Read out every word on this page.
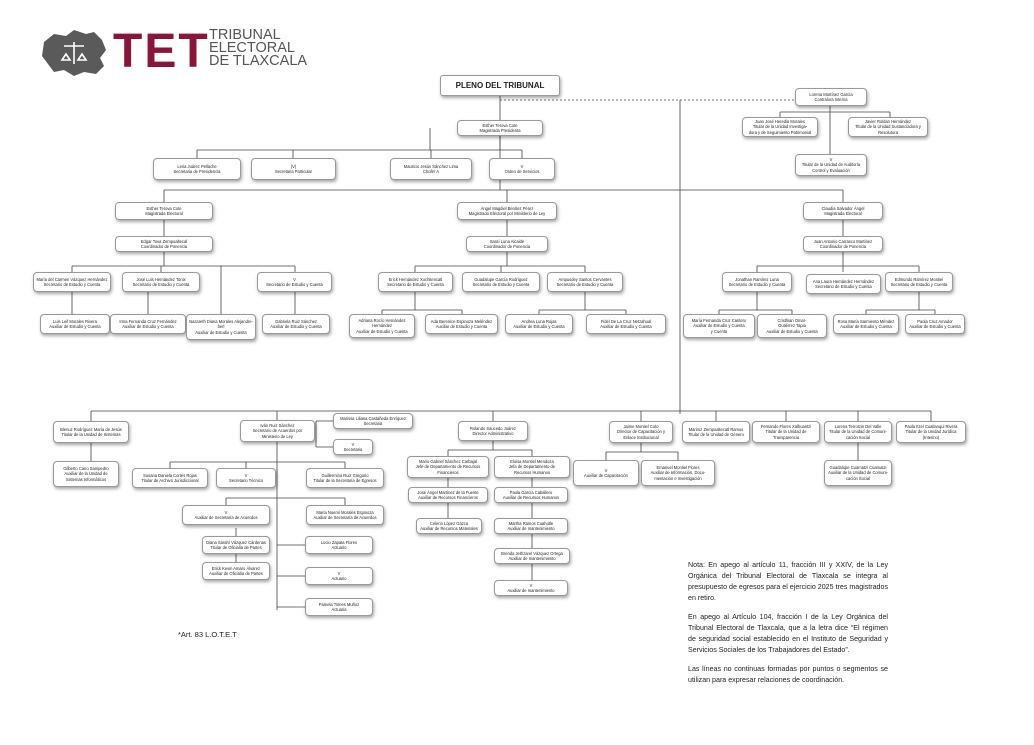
TET TRIBUNAL
ELECTORAL
DE TLAXCALA
PLENO DEL TRIBUNAL
Lorena Martínez García
Contralora Interna
Juan José Heredia Morales
Titular de la Unidad Investiga-
dora y de Seguimiento Patrimonial
Javier Roldan Hernández
Titular de la Unidad Sustanciadora y
Resolutora
V
Titular de la Unidad de Auditoría
Control y Evaluación
Esther Terova Cote
Magistrada Presidenta
Leria Juárez Pellache
Secretaria de Presidencia
(V)
Secretaria Particular
Mauricio Jesús Sánchez Lima
Chofer A
V
Orden de Servicios
Esther Terova Cote
Magistrada Electoral
Ángel Magdiel Benítez Pérez
Magistrado Electoral por Ministerio de Ley
Claudia Salvador Ángel
Magistrada Electoral
Edgar Tova Zempoaltecal
Coordinador de Ponencia
Saraí Luna Alcaide
Coordinador de Ponencia
Juan Antonio Carrasco Martínez
Coordinador de Ponencia
María del Carmen Vázquez Hernández
Secretario de Estudio y Cuenta
José Luis Hernández Tonix
Secretario de Estudio y Cuenta
V
Secretario de Estudio y Cuenta
Luis Leif Morales Rivera
Auxiliar de Estudio y Cuenta
Irma Fernanda Cruz Fernández
Auxiliar de Estudio y Cuenta
Nazareth Diana Morales Alejandre-
berl
Auxiliar de Estudio y Cuenta
Gabriela Ruiz Sánchez
Auxiliar de Estudio y Cuenta
Erick Hernández Xochitencatl
Secretario de Estudio y Cuenta
Guadalupe García Rodríguez
Secretario de Estudio y Cuenta
Ampusdey Santos Cervantes
Secretario de Estudio y Cuenta
Adriana Rocío Hernández
Hernández
Auxiliar de Estudio y Cuenta
Ada Berenice Espinoza Meléndez
Auxiliar de Estudio y Cuenta
Andrea Luna Rojas
Auxiliar de Estudio y Cuenta
Fidel De La Cruz Netzahual
Auxiliar de Estudio y Cuenta
Jonathan Ramírez Luna
Secretario de Estudio y Cuenta
Ana Laura Hernández Hernández
Secretario de Estudio y Cuenta
Edmundo Ramírez Montiel
Secretario de Estudio y Cuenta
María Fernanda Cruz Cantero
Auxiliar de Estudio y Cuenta
y Cuenta
Cristhian Omar-
Gutiérrez Tapia
Auxiliar de Estudio y Cuenta
Rosa María Sarmiento Méndez
Auxiliar de Estudio y Cuenta
Paola Cruz Amador
Auxiliar de Estudio y Cuenta
Blenuz Rodríguez María de Jesús
Titular de la Unidad de Sistemas
Gilberto Cano Sampedro
Auxiliar de la Unidad de
Sistemas Informáticos
Iván Ruiz Sánchez
Secretario de Acuerdos por
Ministerio de Ley
Marissa Liliana Castañeda Enríquez
Secretaria
V
Secretaria
Susana Daniela Cortés Rojas
Titular de Archivo Jurisdiccional
V
Secretario Técnico
Guillermina Ruiz Gregorio
Titular de la Secretaría de Egresos
V
Auxiliar de Secretaría de Acuerdos
María Noemí Morales Espinoza
Auxiliar de Secretaría de Acuerdos
Diana Sarahí Vázquez Cárdenas
Titular de Oficialía de Partes
Erick Kevin Amaro Álvarez
Auxiliar de Oficialía de Partes
Lucio Zapata Flores
Actuario
V
Actuario
Pamela Tomes Muñoz
Actuaria
Rolando Saucedo Juárez
Director Administrativo
Mario Gabriel Sánchez Carbajal
Jefe de Departamento de Recursos
Financieros
Eloisa Montiel Mendoza
Jefa de Departamento de
Recursos Humanos
José Ángel Martínez de la Fuente
Auxiliar de Recursos Financieros
Paola García Caballero
Auxiliar de Recursos Humanos
Celerin López Gazca
Auxiliar de Recursos Materiales
Martha Ramos Cuahutle
Auxiliar de mantenimiento
Brenda Jethzarel Vázquez Ortega
Auxiliar de mantenimiento
V
Auxiliar de mantenimiento
Jaime Montiel Coto
Director de Capacitación y
Enlace Institucional
V
Auxiliar de Capacitación
Emanuel Montiel Flores
Auxiliar de Información, Docu-
mentación e Investigación
Mariruz Zempoaltecatl Ramos
Titular de la Unidad de Género
Fernando Flores Xalhuantzi
Titular de la Unidad de
Transparencia
Lorena Terrotzin Del Valle
Titular de la Unidad de Comuni-
cación Social
Guadalupe Cuamatzi Cuamatzi
Auxiliar de la Unidad de Comuni-
cación Social
Paola Itzel Cuatlanqui Rivera
Titular de la Unidad Jurídica
(Interino)
*Art. 83 L.O.T.E.T

Nota: En apego al artículo 11, fracción III y XXIV, de la Ley Orgánica del Tribunal Electoral de Tlaxcala se integra al presupuesto de egresos para el ejercicio 2025 tres magistrados en retiro.

En apego al Artículo 104, fracción I de la Ley Orgánica del Tribunal Electoral de Tlaxcala, que a la letra dice “El régimen de seguridad social establecido en el Instituto de Seguridad y Servicios Sociales de los Trabajadores del Estado”.

Las líneas no continuas formadas por puntos o segmentos se utilizan para expresar relaciones de coordinación.
